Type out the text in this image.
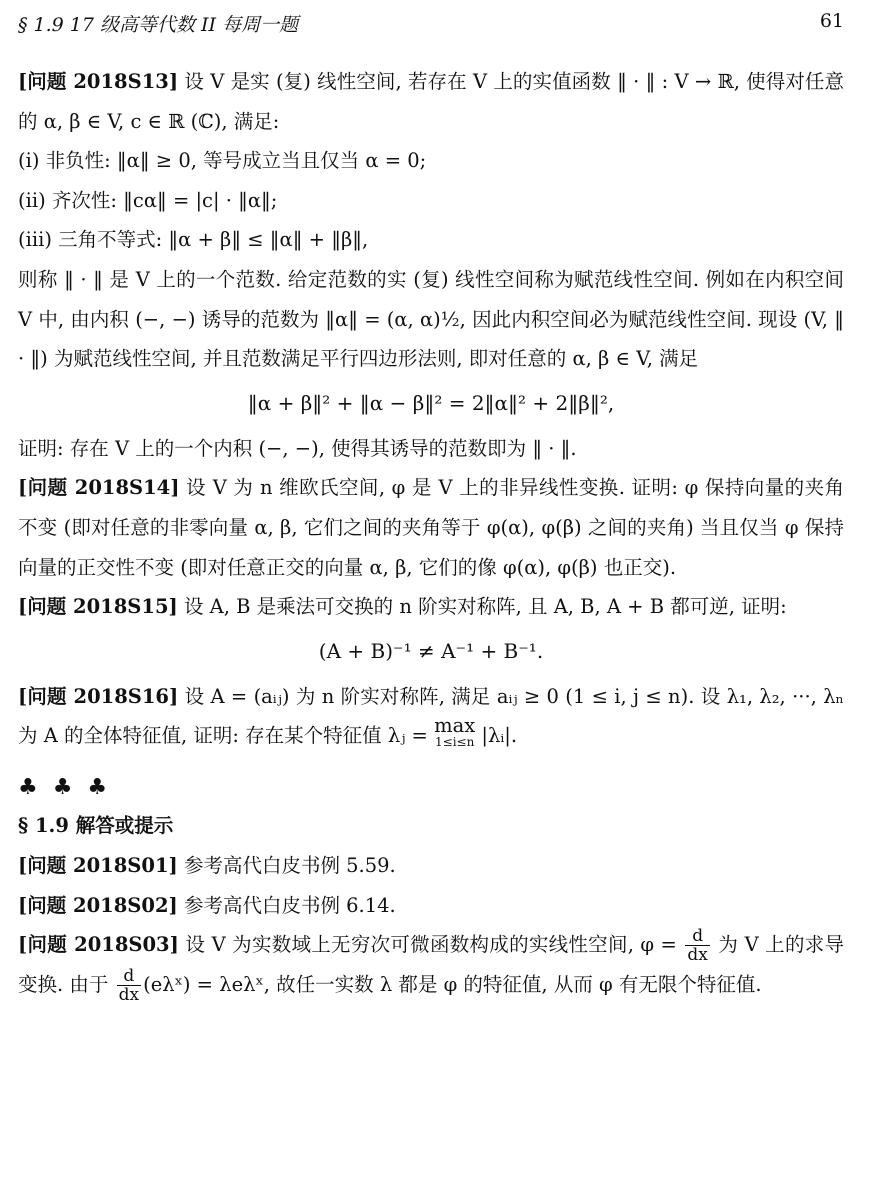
§ 1.9 17 级高等代数 II 每周一题	61

[问题 2018S13] 设 V 是实 (复) 线性空间, 若存在 V 上的实值函数 ‖ · ‖ : V → ℝ, 使得对任意的 α, β ∈ V, c ∈ ℝ (ℂ), 满足:

(i) 非负性: ‖α‖ ≥ 0, 等号成立当且仅当 α = 0;

(ii) 齐次性: ‖cα‖ = |c| · ‖α‖;

(iii) 三角不等式: ‖α + β‖ ≤ ‖α‖ + ‖β‖,

则称 ‖ · ‖ 是 V 上的一个范数. 给定范数的实 (复) 线性空间称为赋范线性空间. 例如在内积空间 V 中, 由内积 (−, −) 诱导的范数为 ‖α‖ = (α, α)½, 因此内积空间必为赋范线性空间. 现设 (V, ‖ · ‖) 为赋范线性空间, 并且范数满足平行四边形法则, 即对任意的 α, β ∈ V, 满足

‖α + β‖² + ‖α − β‖² = 2‖α‖² + 2‖β‖²,

证明: 存在 V 上的一个内积 (−, −), 使得其诱导的范数即为 ‖ · ‖.

[问题 2018S14] 设 V 为 n 维欧氏空间, φ 是 V 上的非异线性变换. 证明: φ 保持向量的夹角不变 (即对任意的非零向量 α, β, 它们之间的夹角等于 φ(α), φ(β) 之间的夹角) 当且仅当 φ 保持向量的正交性不变 (即对任意正交的向量 α, β, 它们的像 φ(α), φ(β) 也正交).

[问题 2018S15] 设 A, B 是乘法可交换的 n 阶实对称阵, 且 A, B, A + B 都可逆, 证明:

(A + B)⁻¹ ≠ A⁻¹ + B⁻¹.

[问题 2018S16] 设 A = (aᵢⱼ) 为 n 阶实对称阵, 满足 aᵢⱼ ≥ 0 (1 ≤ i, j ≤ n). 设 λ₁, λ₂, ···, λₙ 为 A 的全体特征值, 证明: 存在某个特征值 λⱼ = max
1≤i≤n |λᵢ|.

♣ ♣ ♣
§ 1.9 解答或提示

[问题 2018S01] 参考高代白皮书例 5.59.

[问题 2018S02] 参考高代白皮书例 6.14.

[问题 2018S03] 设 V 为实数域上无穷次可微函数构成的实线性空间, $\varphi = \frac{d}{dx}$ 为 V 上的求导变换. 由于 $\frac{d}{dx}$ (eλˣ) = λeλˣ, 故任一实数 λ 都是 φ 的特征值, 从而 φ 有无限个特征值.
